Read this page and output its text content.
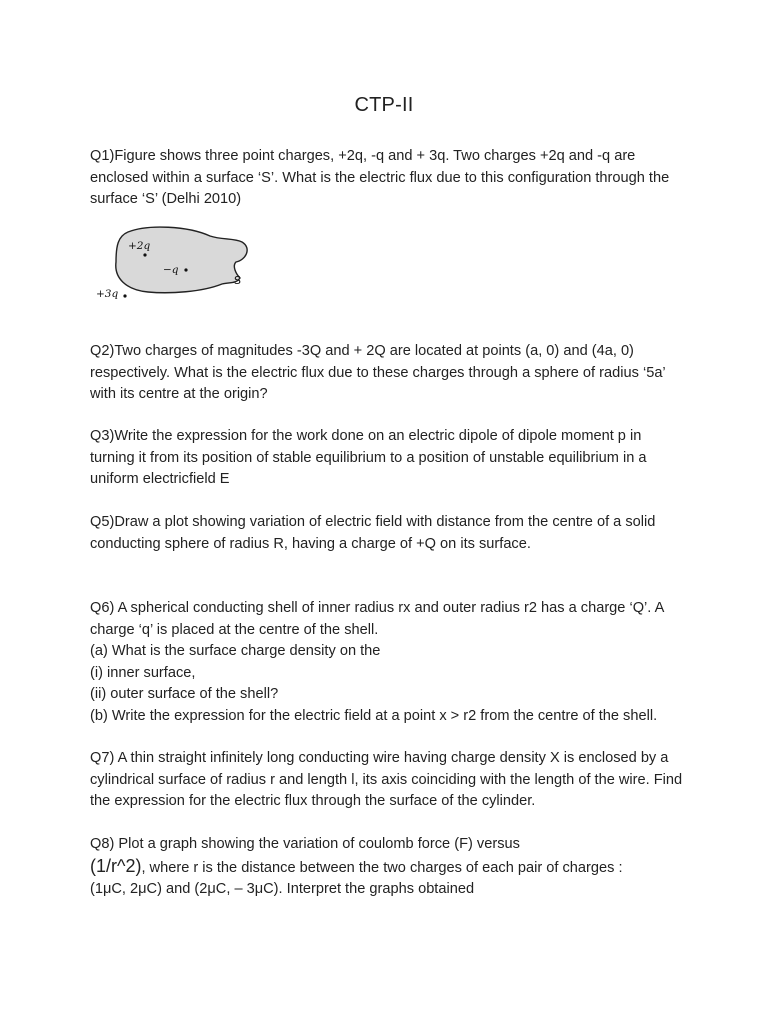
CTP-II

Q1)Figure shows three point charges, +2q, -q and + 3q. Two charges +2q and -q are enclosed within a surface ‘S’. What is the electric flux due to this configuration through the surface ‘S’ (Delhi 2010)

+2q
−q
S
+3q

Q2)Two charges of magnitudes -3Q and + 2Q are located at points (a, 0) and (4a, 0) respectively. What is the electric flux due to these charges through a sphere of radius ‘5a’ with its centre at the origin?

Q3)Write the expression for the work done on an electric dipole of dipole moment p in turning it from its position of stable equilibrium to a position of unstable equilibrium in a uniform electricfield E

Q5)Draw a plot showing variation of electric field with distance from the centre of a solid conducting sphere of radius R, having a charge of +Q on its surface.

Q6) A spherical conducting shell of inner radius rx and outer radius r2 has a charge ‘Q’. A charge ‘q’ is placed at the centre of the shell.

(a) What is the surface charge density on the

(i) inner surface,

(ii) outer surface of the shell?

(b) Write the expression for the electric field at a point x > r2 from the centre of the shell.

Q7) A thin straight infinitely long conducting wire having charge density X is enclosed by a cylindrical surface of radius r and length l, its axis coinciding with the length of the wire. Find the expression for the electric flux through the surface of the cylinder.

Q8) Plot a graph showing the variation of coulomb force (F) versus

(1/r^2), where r is the distance between the two charges of each pair of charges :

(1μC, 2μC) and (2μC, – 3μC). Interpret the graphs obtained
